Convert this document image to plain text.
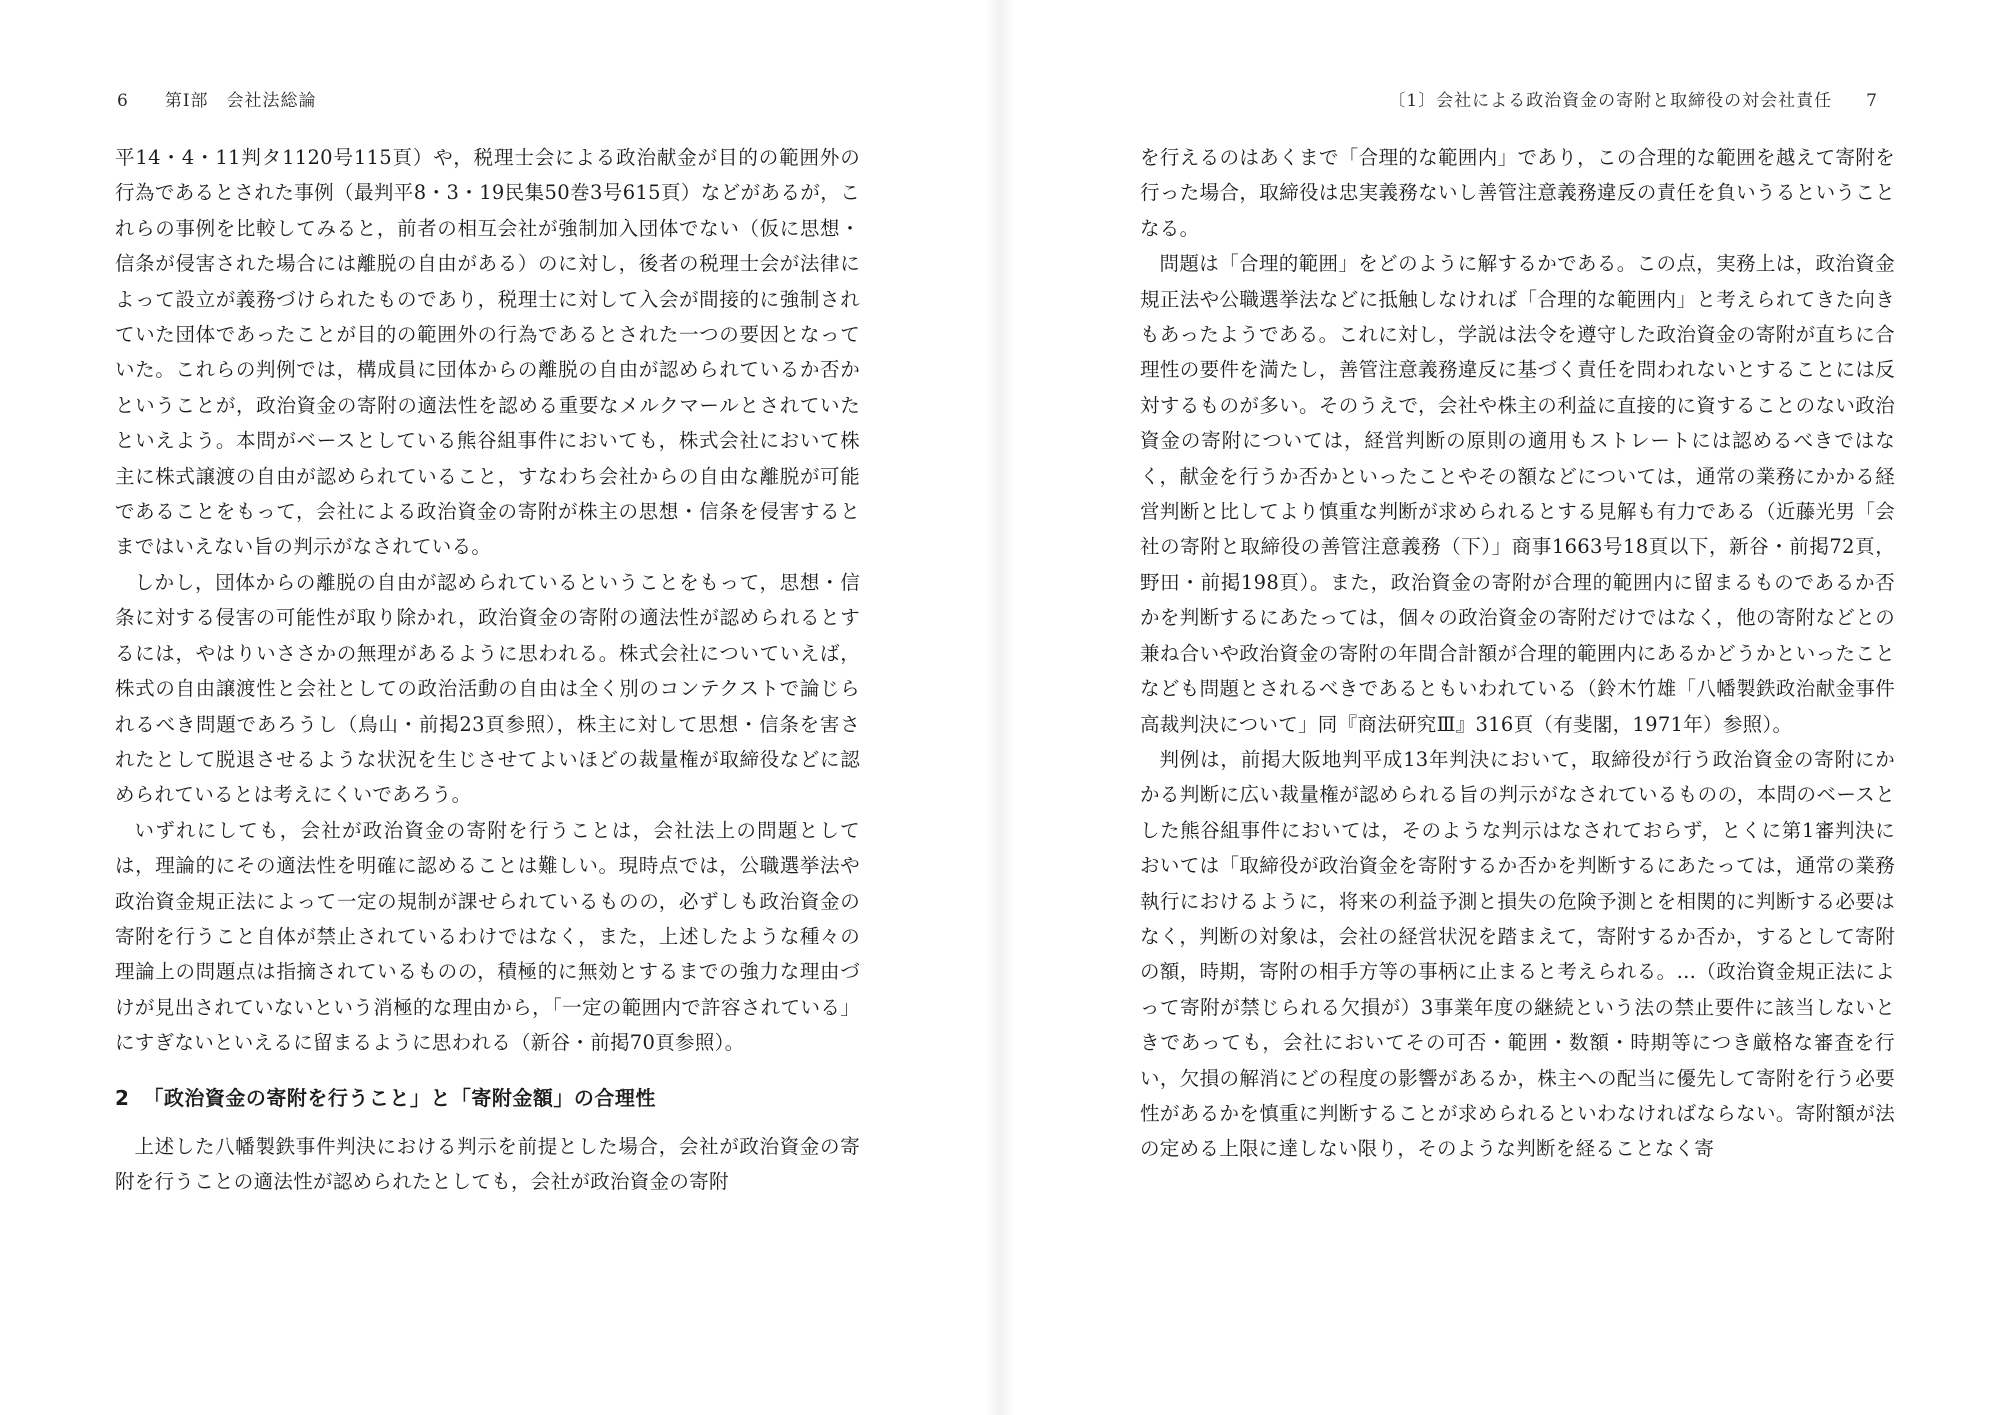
6 第Ⅰ部　会社法総論

平14・4・11判タ1120号115頁）や，税理士会による政治献金が目的の範囲外の行為であるとされた事例（最判平8・3・19民集50巻3号615頁）などがあるが，これらの事例を比較してみると，前者の相互会社が強制加入団体でない（仮に思想・信条が侵害された場合には離脱の自由がある）のに対し，後者の税理士会が法律によって設立が義務づけられたものであり，税理士に対して入会が間接的に強制されていた団体であったことが目的の範囲外の行為であるとされた一つの要因となっていた。これらの判例では，構成員に団体からの離脱の自由が認められているか否かということが，政治資金の寄附の適法性を認める重要なメルクマールとされていたといえよう。本問がベースとしている熊谷組事件においても，株式会社において株主に株式譲渡の自由が認められていること，すなわち会社からの自由な離脱が可能であることをもって，会社による政治資金の寄附が株主の思想・信条を侵害するとまではいえない旨の判示がなされている。

しかし，団体からの離脱の自由が認められているということをもって，思想・信条に対する侵害の可能性が取り除かれ，政治資金の寄附の適法性が認められるとするには，やはりいささかの無理があるように思われる。株式会社についていえば，株式の自由譲渡性と会社としての政治活動の自由は全く別のコンテクストで論じられるべき問題であろうし（鳥山・前掲23頁参照），株主に対して思想・信条を害されたとして脱退させるような状況を生じさせてよいほどの裁量権が取締役などに認められているとは考えにくいであろう。

いずれにしても，会社が政治資金の寄附を行うことは，会社法上の問題としては，理論的にその適法性を明確に認めることは難しい。現時点では，公職選挙法や政治資金規正法によって一定の規制が課せられているものの，必ずしも政治資金の寄附を行うこと自体が禁止されているわけではなく，また，上述したような種々の理論上の問題点は指摘されているものの，積極的に無効とするまでの強力な理由づけが見出されていないという消極的な理由から，「一定の範囲内で許容されている」にすぎないといえるに留まるように思われる（新谷・前掲70頁参照）。

2 「政治資金の寄附を行うこと」と「寄附金額」の合理性

上述した八幡製鉄事件判決における判示を前提とした場合，会社が政治資金の寄附を行うことの適法性が認められたとしても，会社が政治資金の寄附

〔1〕会社による政治資金の寄附と取締役の対会社責任 7

を行えるのはあくまで「合理的な範囲内」であり，この合理的な範囲を越えて寄附を行った場合，取締役は忠実義務ないし善管注意義務違反の責任を負いうるということなる。

問題は「合理的範囲」をどのように解するかである。この点，実務上は，政治資金規正法や公職選挙法などに抵触しなければ「合理的な範囲内」と考えられてきた向きもあったようである。これに対し，学説は法令を遵守した政治資金の寄附が直ちに合理性の要件を満たし，善管注意義務違反に基づく責任を問われないとすることには反対するものが多い。そのうえで，会社や株主の利益に直接的に資することのない政治資金の寄附については，経営判断の原則の適用もストレートには認めるべきではなく，献金を行うか否かといったことやその額などについては，通常の業務にかかる経営判断と比してより慎重な判断が求められるとする見解も有力である（近藤光男「会社の寄附と取締役の善管注意義務（下）」商事1663号18頁以下，新谷・前掲72頁，野田・前掲198頁）。また，政治資金の寄附が合理的範囲内に留まるものであるか否かを判断するにあたっては，個々の政治資金の寄附だけではなく，他の寄附などとの兼ね合いや政治資金の寄附の年間合計額が合理的範囲内にあるかどうかといったことなども問題とされるべきであるともいわれている（鈴木竹雄「八幡製鉄政治献金事件高裁判決について」同『商法研究Ⅲ』316頁（有斐閣，1971年）参照）。

判例は，前掲大阪地判平成13年判決において，取締役が行う政治資金の寄附にかかる判断に広い裁量権が認められる旨の判示がなされているものの，本問のベースとした熊谷組事件においては，そのような判示はなされておらず，とくに第1審判決においては「取締役が政治資金を寄附するか否かを判断するにあたっては，通常の業務執行におけるように，将来の利益予測と損失の危険予測とを相関的に判断する必要はなく，判断の対象は，会社の経営状況を踏まえて，寄附するか否か，するとして寄附の額，時期，寄附の相手方等の事柄に止まると考えられる。…（政治資金規正法によって寄附が禁じられる欠損が）3事業年度の継続という法の禁止要件に該当しないときであっても，会社においてその可否・範囲・数額・時期等につき厳格な審査を行い，欠損の解消にどの程度の影響があるか，株主への配当に優先して寄附を行う必要性があるかを慎重に判断することが求められるといわなければならない。寄附額が法の定める上限に達しない限り，そのような判断を経ることなく寄
